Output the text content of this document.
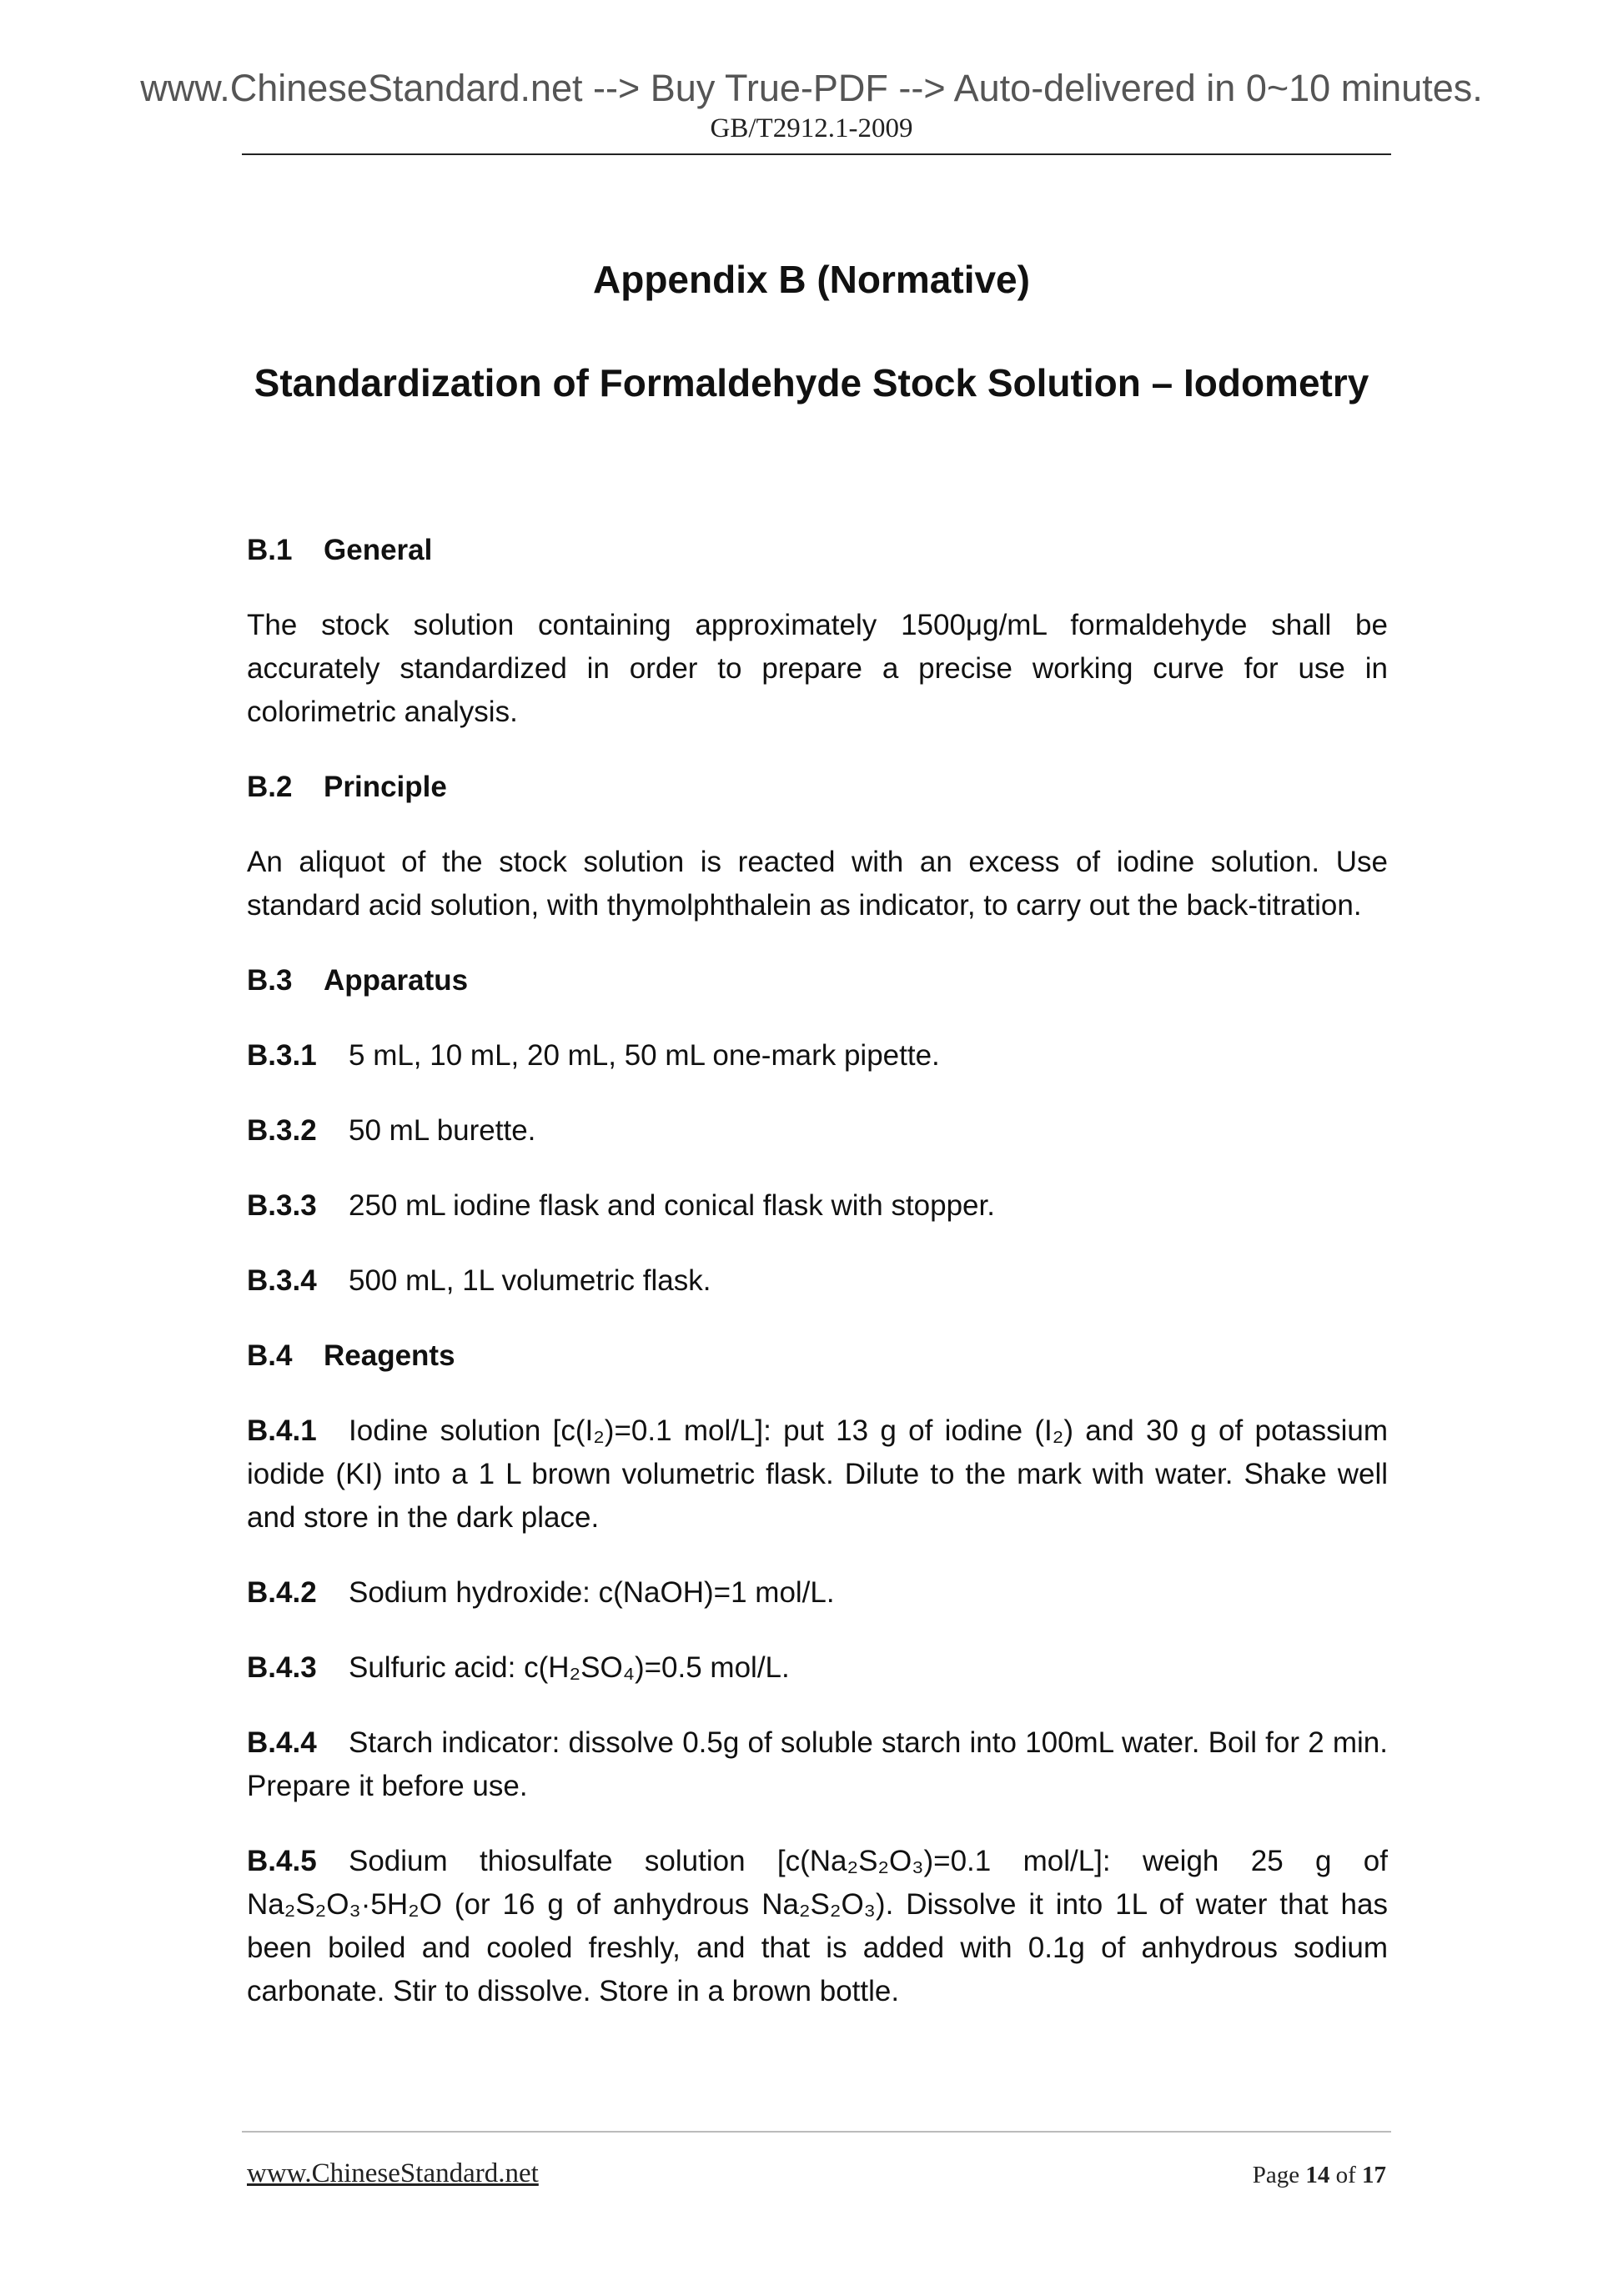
www.ChineseStandard.net --> Buy True-PDF --> Auto-delivered in 0~10 minutes.
GB/T2912.1-2009
Appendix B (Normative)
Standardization of Formaldehyde Stock Solution – Iodometry
B.1 General
The stock solution containing approximately 1500μg/mL formaldehyde shall be accurately standardized in order to prepare a precise working curve for use in colorimetric analysis.
B.2 Principle
An aliquot of the stock solution is reacted with an excess of iodine solution. Use standard acid solution, with thymolphthalein as indicator, to carry out the back-titration.
B.3 Apparatus
B.3.1 5 mL, 10 mL, 20 mL, 50 mL one-mark pipette.
B.3.2 50 mL burette.
B.3.3 250 mL iodine flask and conical flask with stopper.
B.3.4 500 mL, 1L volumetric flask.
B.4 Reagents
B.4.1 Iodine solution [c(I₂)=0.1 mol/L]: put 13 g of iodine (I₂) and 30 g of potassium iodide (KI) into a 1 L brown volumetric flask. Dilute to the mark with water. Shake well and store in the dark place.
B.4.2 Sodium hydroxide: c(NaOH)=1 mol/L.
B.4.3 Sulfuric acid: c(H₂SO₄)=0.5 mol/L.
B.4.4 Starch indicator: dissolve 0.5g of soluble starch into 100mL water. Boil for 2 min. Prepare it before use.
B.4.5 Sodium thiosulfate solution [c(Na₂S₂O₃)=0.1 mol/L]: weigh 25 g of Na₂S₂O₃·5H₂O (or 16 g of anhydrous Na₂S₂O₃). Dissolve it into 1L of water that has been boiled and cooled freshly, and that is added with 0.1g of anhydrous sodium carbonate. Stir to dissolve. Store in a brown bottle.
www.ChineseStandard.net	Page 14 of 17
